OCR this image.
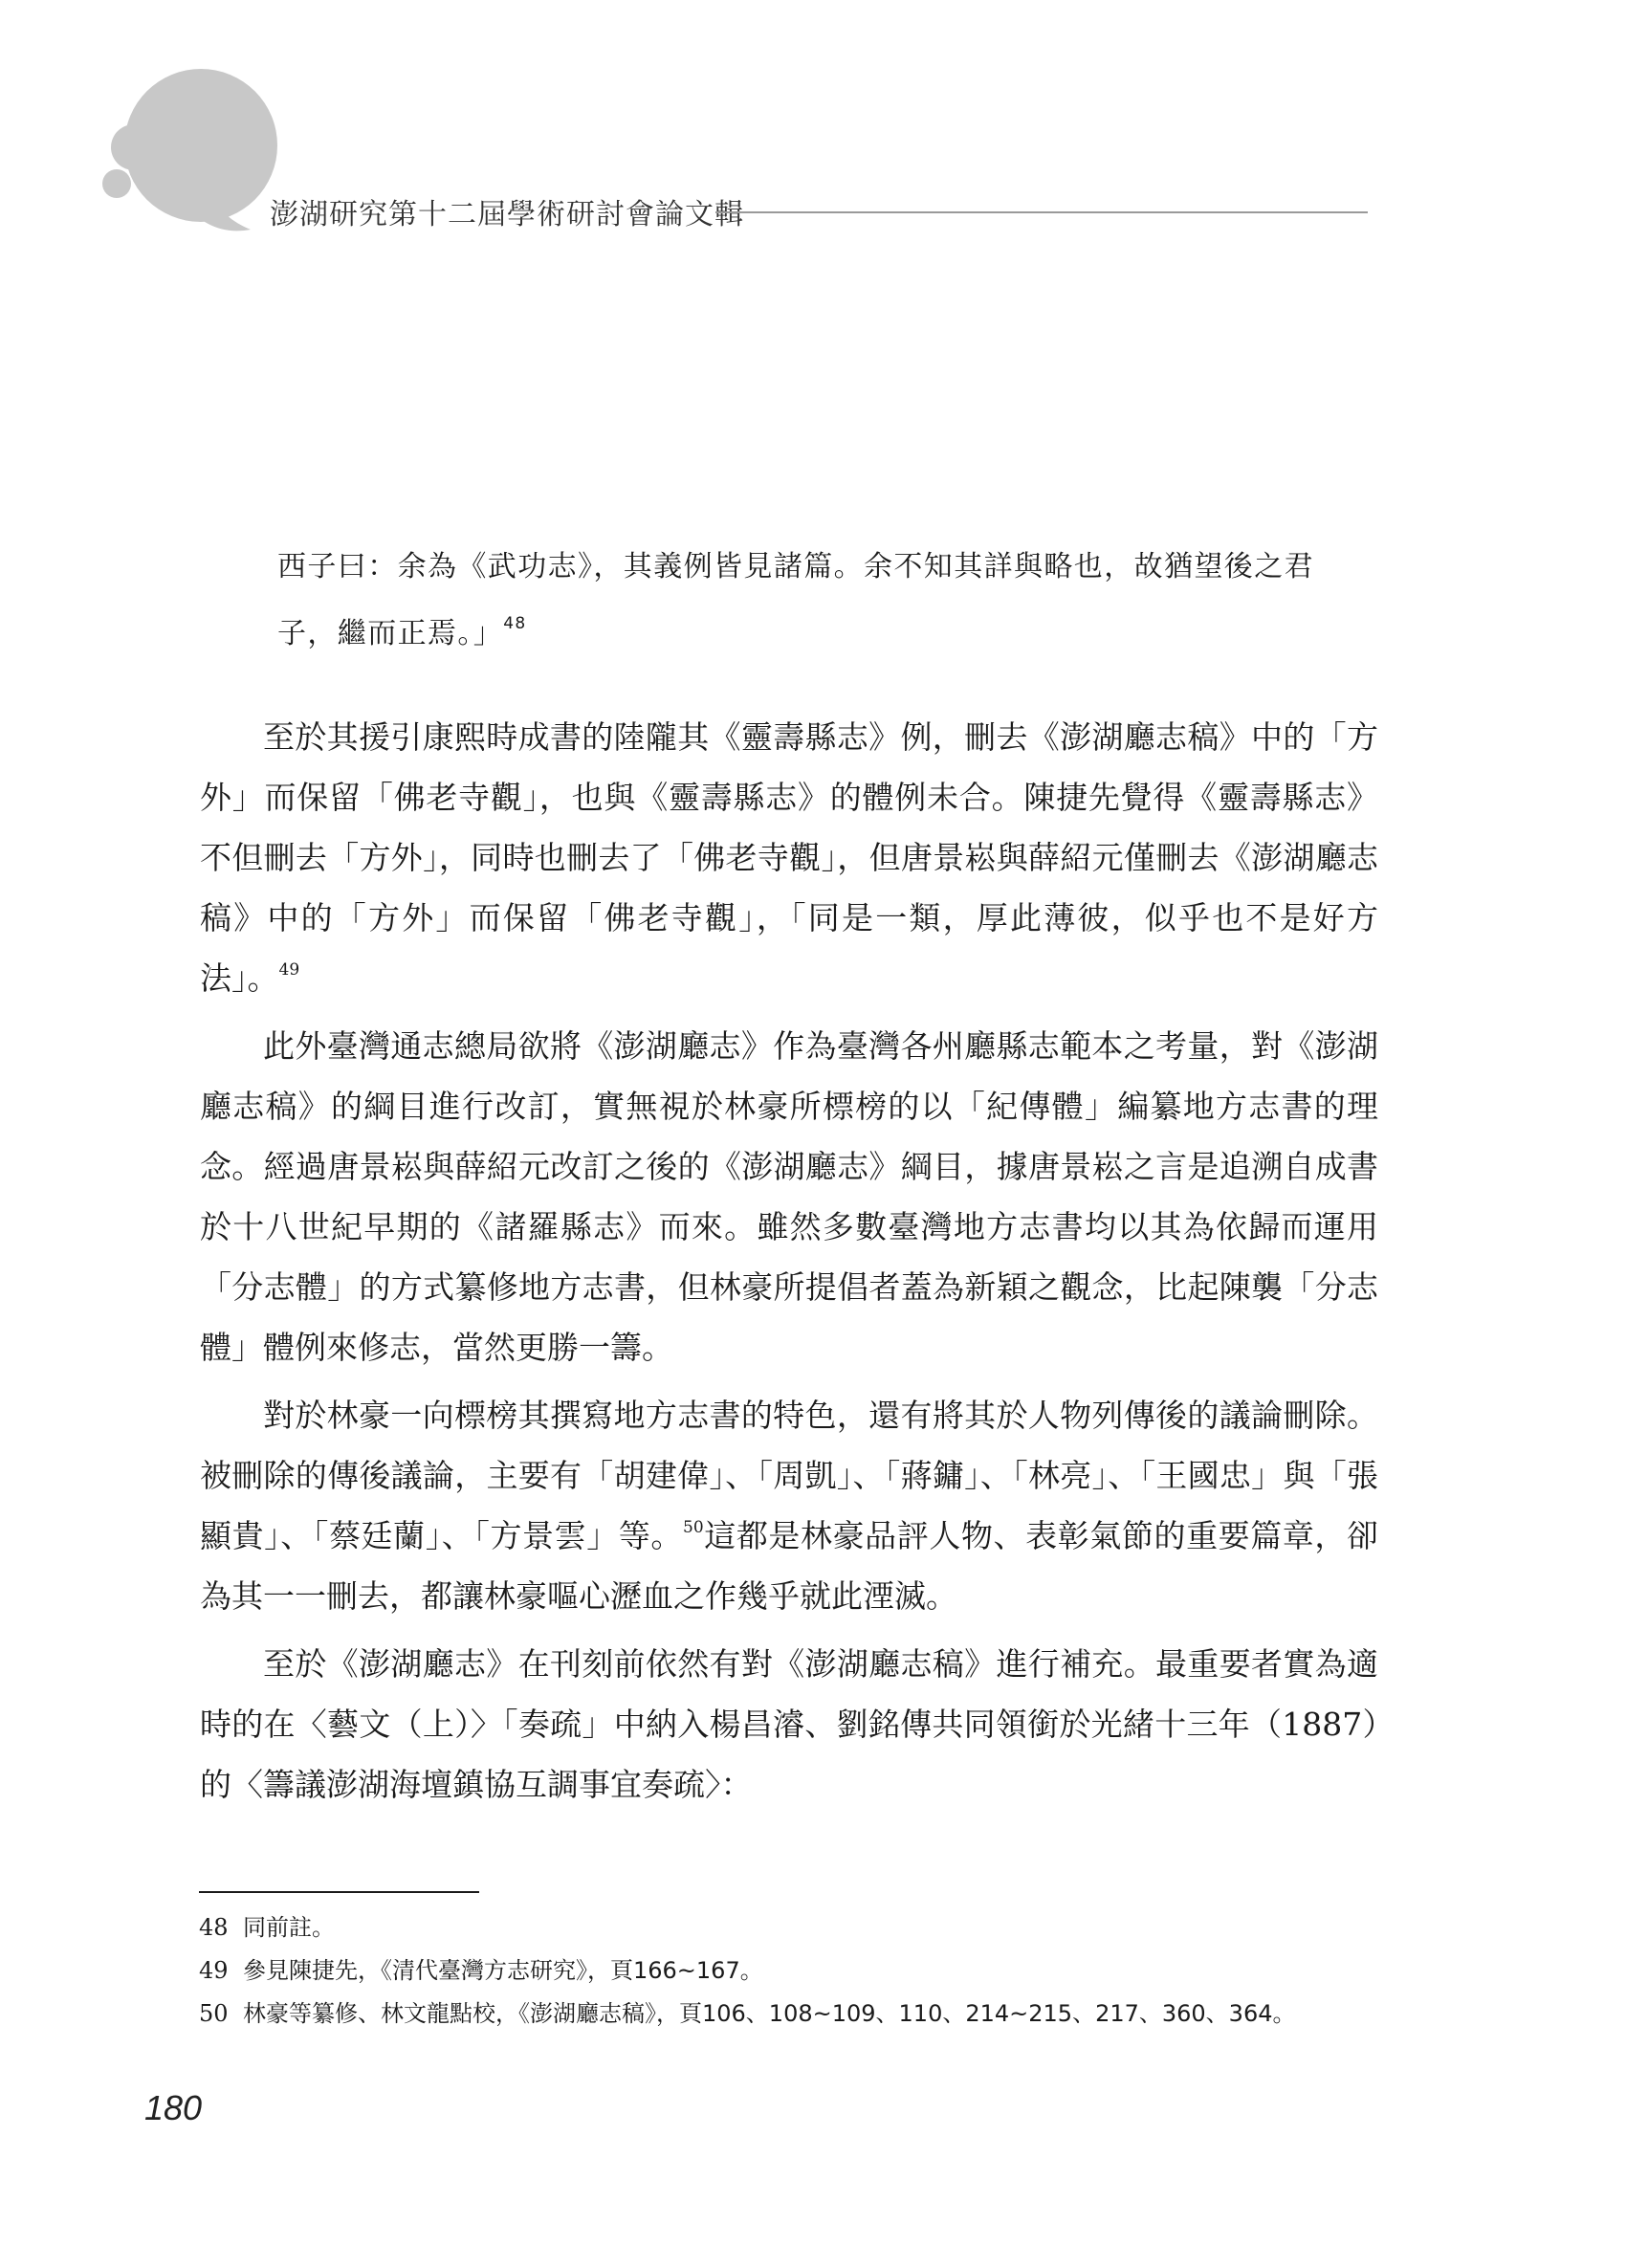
澎湖研究第十二屆學術研討會論文輯

西子曰：余為《武功志》，其義例皆見諸篇。余不知其詳與略也，故猶望後之君

子，繼而正焉。」$^{48}$

至於其援引康熙時成書的陸隴其《靈壽縣志》例，刪去《澎湖廳志稿》中的「方外」而保留「佛老寺觀」，也與《靈壽縣志》的體例未合。陳捷先覺得《靈壽縣志》不但刪去「方外」，同時也刪去了「佛老寺觀」，但唐景崧與薛紹元僅刪去《澎湖廳志稿》中的「方外」而保留「佛老寺觀」，「同是一類，厚此薄彼，似乎也不是好方法」。$^{49}$

此外臺灣通志總局欲將《澎湖廳志》作為臺灣各州廳縣志範本之考量，對《澎湖廳志稿》的綱目進行改訂，實無視於林豪所標榜的以「紀傳體」編纂地方志書的理念。經過唐景崧與薛紹元改訂之後的《澎湖廳志》綱目，據唐景崧之言是追溯自成書於十八世紀早期的《諸羅縣志》而來。雖然多數臺灣地方志書均以其為依歸而運用「分志體」的方式纂修地方志書，但林豪所提倡者蓋為新穎之觀念，比起陳襲「分志體」體例來修志，當然更勝一籌。

對於林豪一向標榜其撰寫地方志書的特色，還有將其於人物列傳後的議論刪除。被刪除的傳後議論，主要有「胡建偉」、「周凱」、「蔣鏞」、「林亮」、「王國忠」與「張顯貴」、「蔡廷蘭」、「方景雲」等。$^{50}$這都是林豪品評人物、表彰氣節的重要篇章，卻為其一一刪去，都讓林豪嘔心瀝血之作幾乎就此湮滅。

至於《澎湖廳志》在刊刻前依然有對《澎湖廳志稿》進行補充。最重要者實為適時的在〈藝文（上）〉「奏疏」中納入楊昌濬、劉銘傳共同領銜於光緒十三年（1887）的〈籌議澎湖海壇鎮協互調事宜奏疏〉：

48 同前註。
49 參見陳捷先，《清代臺灣方志研究》，頁166~167。
50 林豪等纂修、林文龍點校，《澎湖廳志稿》，頁106、108~109、110、214~215、217、360、364。
180
